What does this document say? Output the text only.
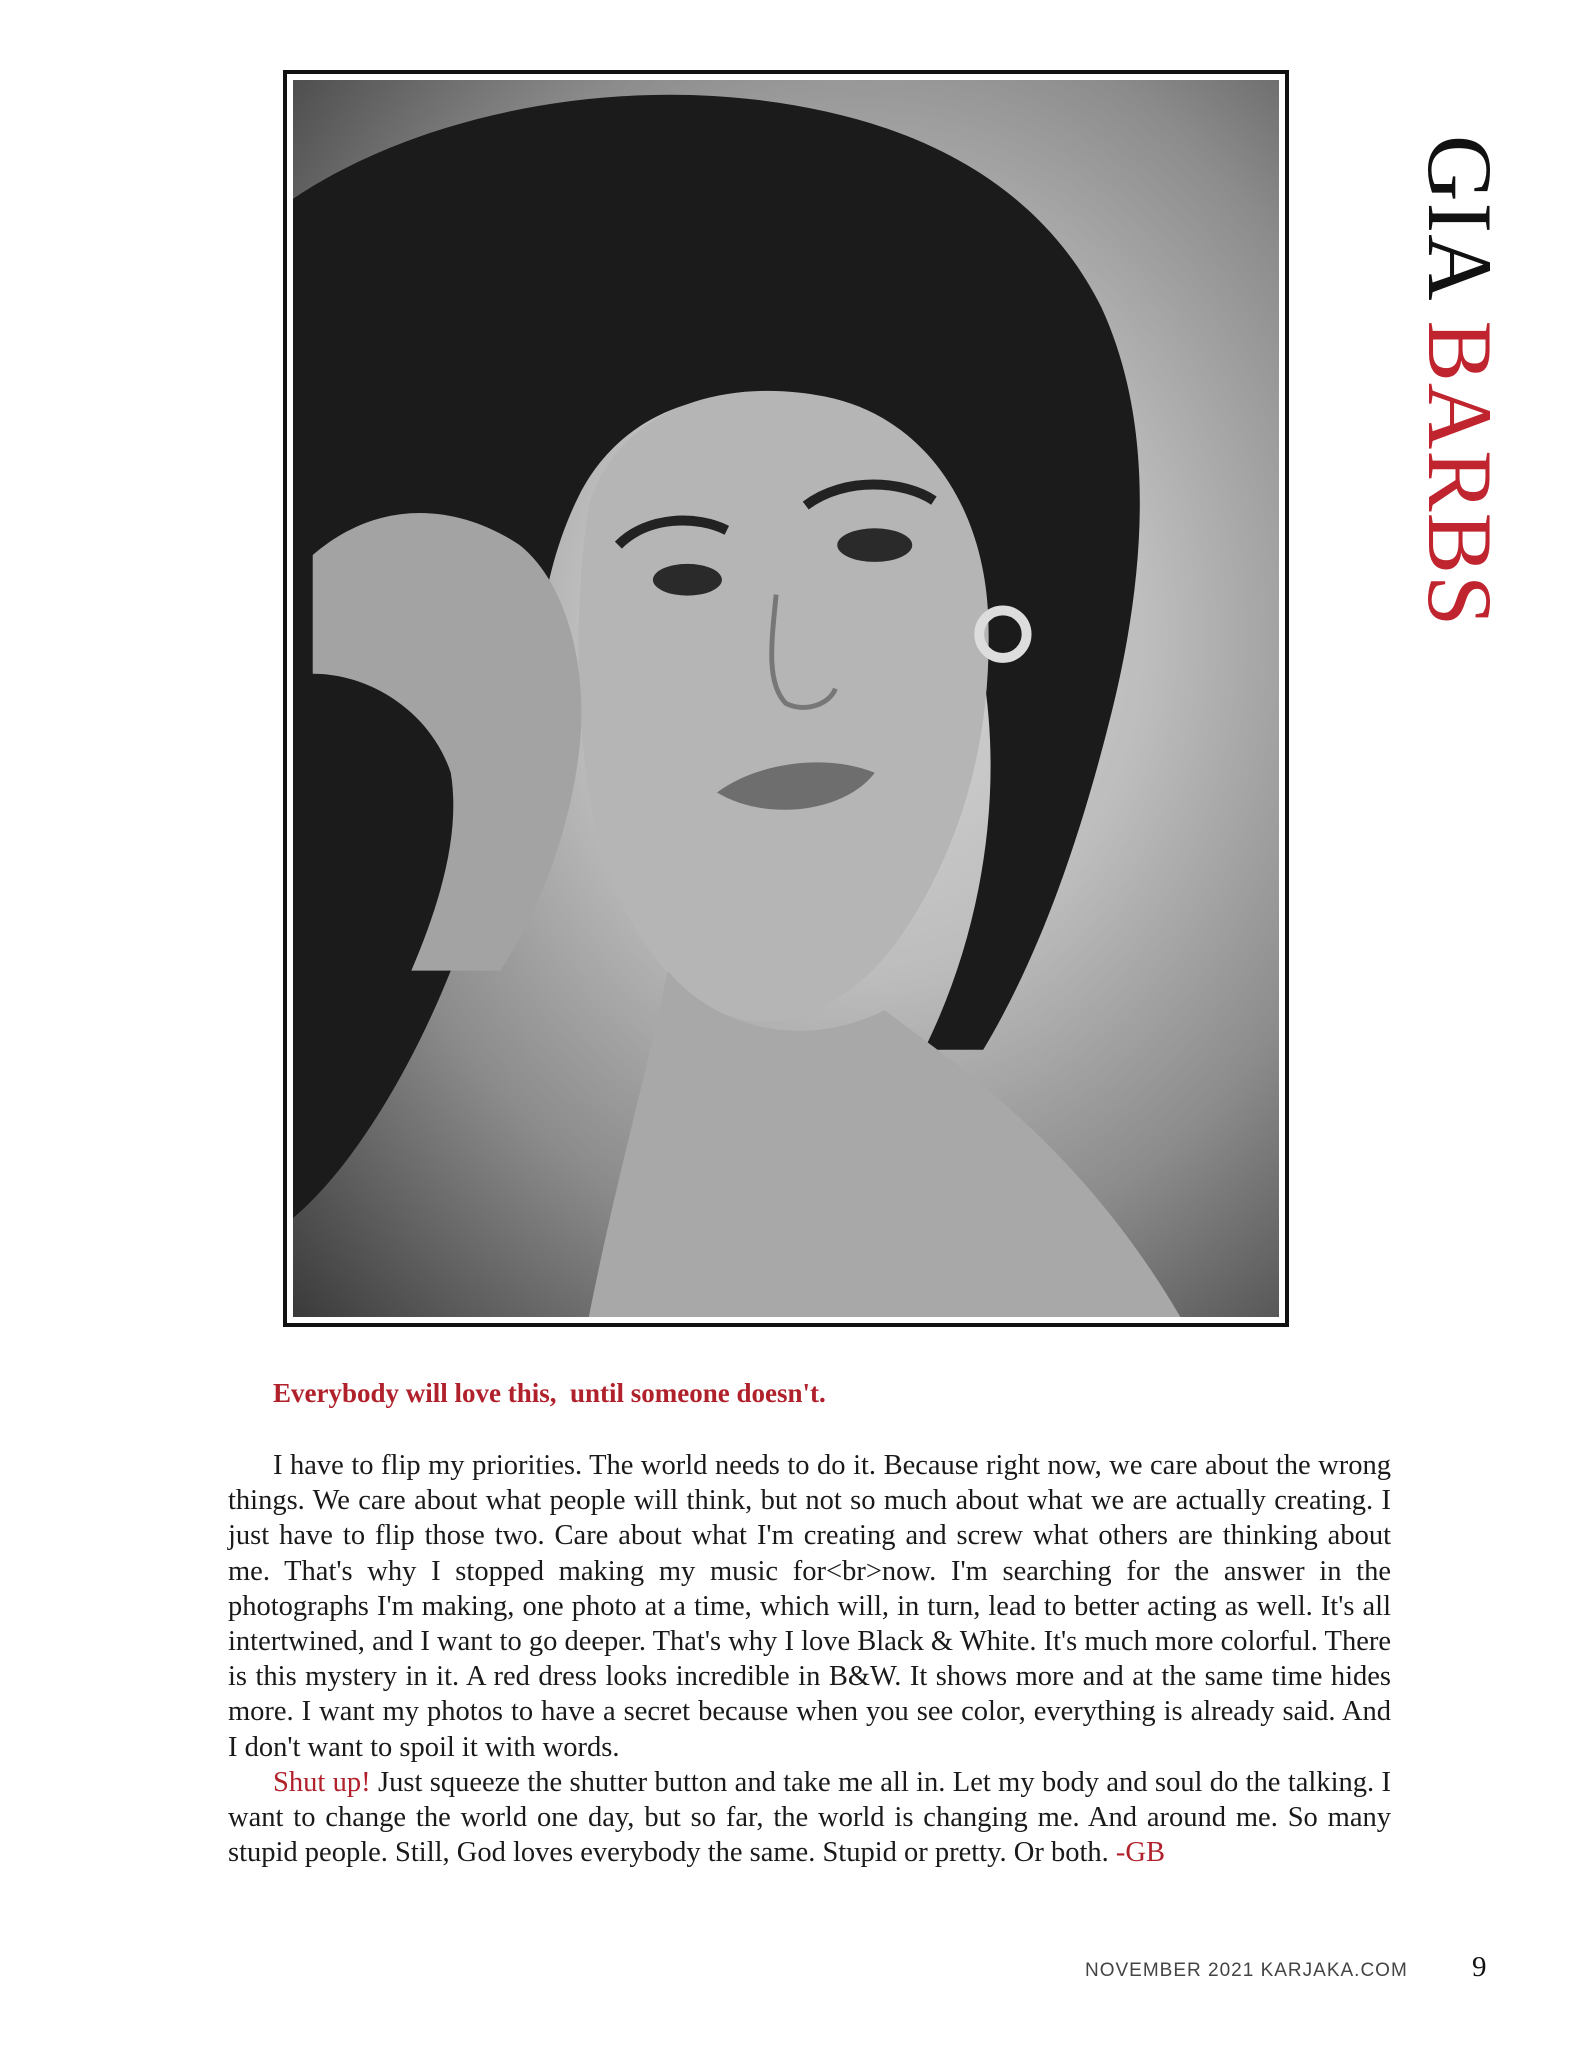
GIA BARBS
Everybody will love this,  until someone doesn't.

I have to flip my priorities. The world needs to do it. Because right now, we care about the wrong things. We care about what people will think, but not so much about what we are actually creating. I just have to flip those two. Care about what I'm creating and screw what others are thinking about me. That's why I stopped making my music for<br>now. I'm searching for the answer in the photographs I'm making, one photo at a time, which will, in turn, lead to better acting as well. It's all intertwined, and I want to go deeper. That's why I love Black & White. It's much more colorful. There is this mystery in it. A red dress looks incredible in B&W. It shows more and at the same time hides more. I want my photos to have a secret because when you see color, everything is already said. And I don't want to spoil it with words.

Shut up! Just squeeze the shutter button and take me all in. Let my body and soul do the talking. I want to change the world one day, but so far, the world is changing me. And around me. So many stupid people. Still, God loves everybody the same. Stupid or pretty. Or both. -GB

NOVEMBER 2021 KARJAKA.COM 9
